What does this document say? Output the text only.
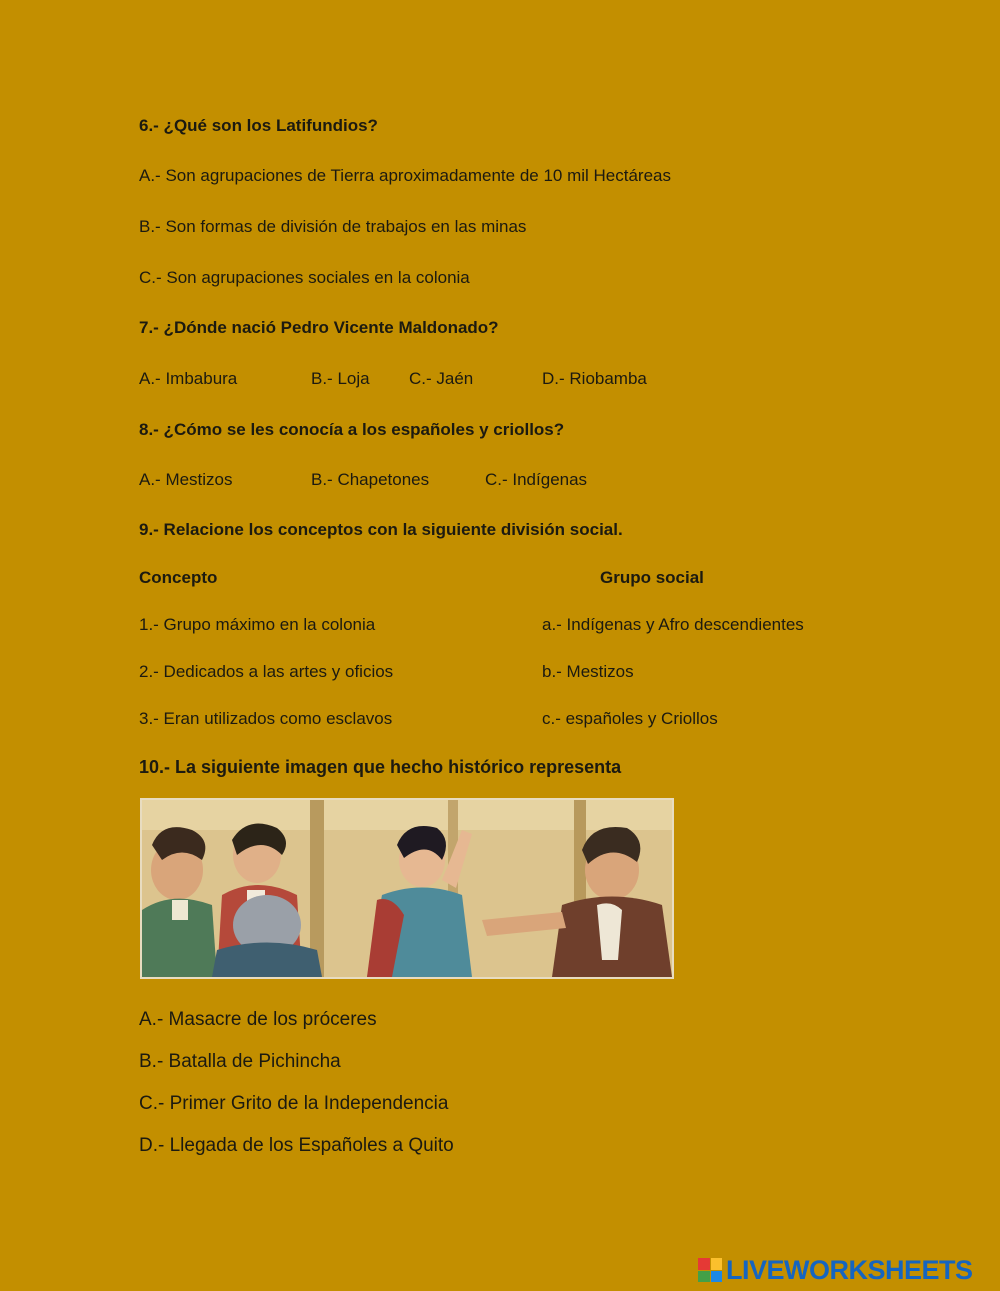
6.- ¿Qué son los Latifundios?
A.- Son agrupaciones de Tierra aproximadamente de 10 mil Hectáreas
B.- Son formas de división de trabajos en las minas
C.- Son agrupaciones sociales en la colonia
7.- ¿Dónde nació Pedro Vicente Maldonado?
A.- Imbabura	B.- Loja C.- Jaén	D.- Riobamba
8.- ¿Cómo se les conocía a los españoles y criollos?
A.- Mestizos	B.- Chapetones	C.- Indígenas
9.- Relacione los conceptos con la siguiente división social.
Concepto	Grupo social
1.- Grupo máximo en la colonia	a.- Indígenas y Afro descendientes
2.- Dedicados a las artes y oficios	b.- Mestizos
3.- Eran utilizados como esclavos	c.- españoles y Criollos
10.- La siguiente imagen que hecho histórico representa
A.- Masacre de los próceres
B.- Batalla de Pichincha
C.- Primer Grito de la Independencia
D.- Llegada de los Españoles a Quito
LIVEWORKSHEETS
